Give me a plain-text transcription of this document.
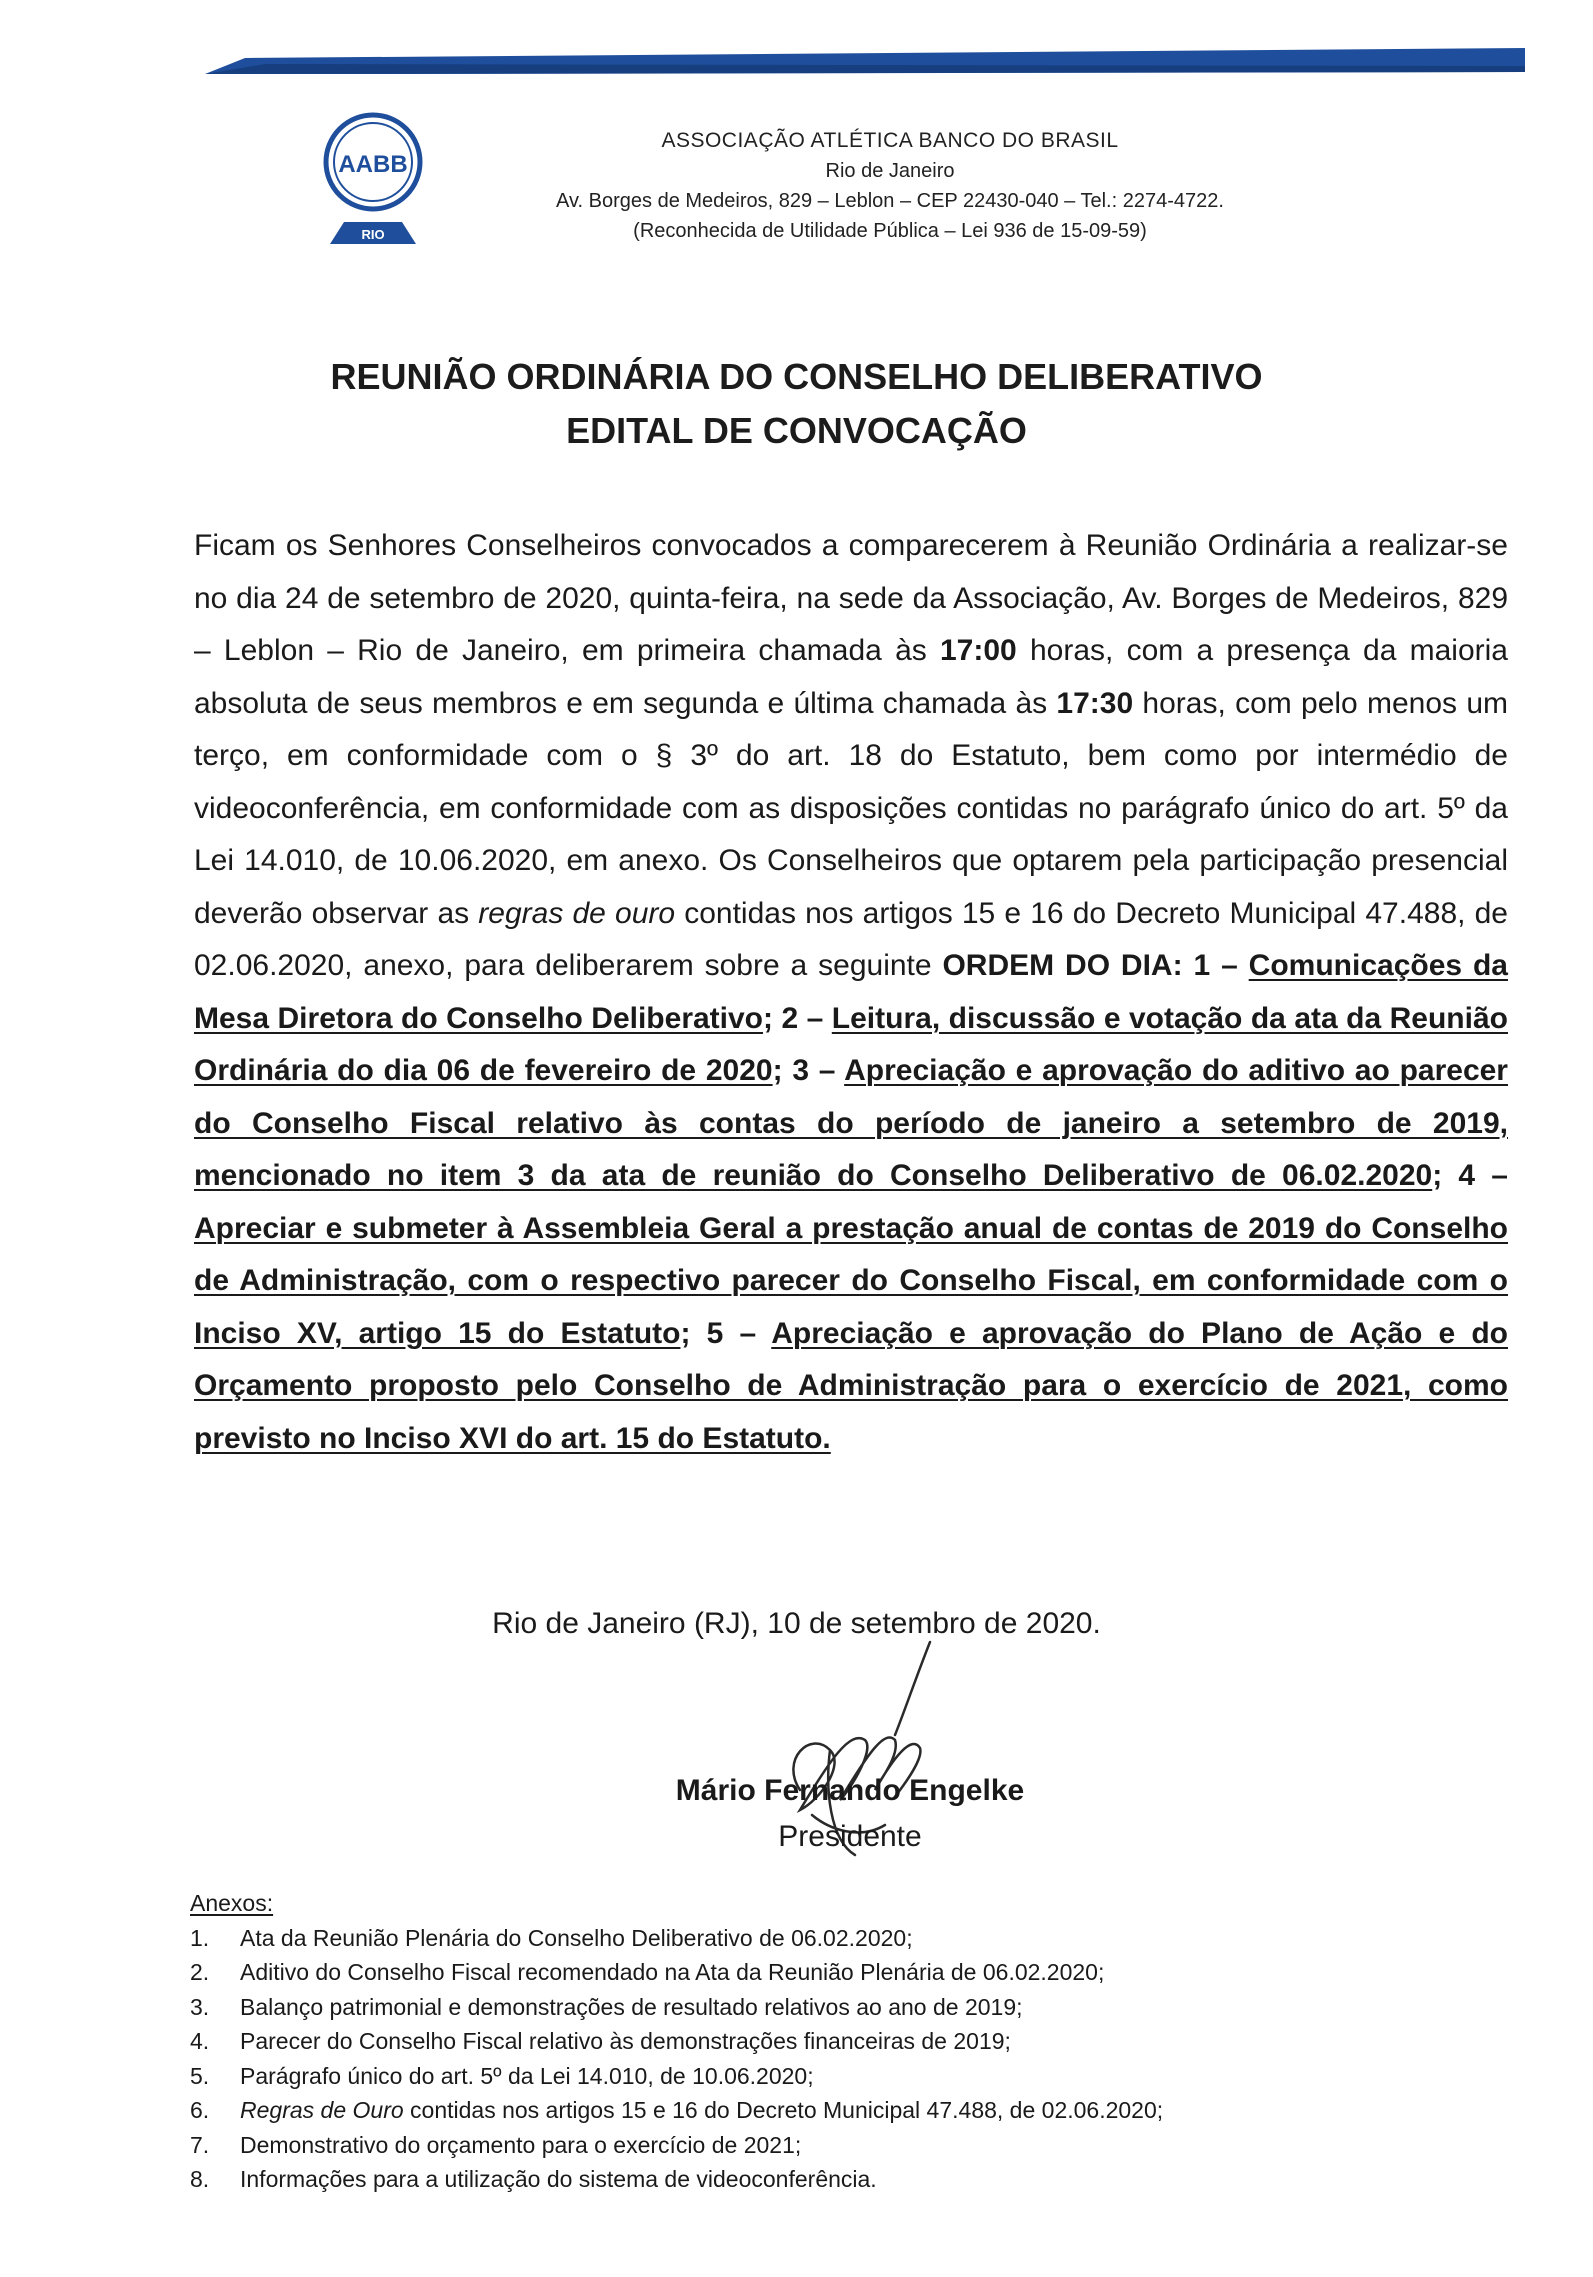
AABB
RIO
ASSOCIAÇÃO ATLÉTICA BANCO DO BRASIL
Rio de Janeiro
Av. Borges de Medeiros, 829 – Leblon – CEP 22430-040 – Tel.: 2274-4722.
(Reconhecida de Utilidade Pública – Lei 936 de 15-09-59)
REUNIÃO ORDINÁRIA DO CONSELHO DELIBERATIVO
EDITAL DE CONVOCAÇÃO
Ficam os Senhores Conselheiros convocados a comparecerem à Reunião Ordinária a realizar-se no dia 24 de setembro de 2020, quinta-feira, na sede da Associação, Av. Borges de Medeiros, 829 – Leblon – Rio de Janeiro, em primeira chamada às 17:00 horas, com a presença da maioria absoluta de seus membros e em segunda e última chamada às 17:30 horas, com pelo menos um terço, em conformidade com o § 3º do art. 18 do Estatuto, bem como por intermédio de videoconferência, em conformidade com as disposições contidas no parágrafo único do art. 5º da Lei 14.010, de 10.06.2020, em anexo. Os Conselheiros que optarem pela participação presencial deverão observar as regras de ouro contidas nos artigos 15 e 16 do Decreto Municipal 47.488, de 02.06.2020, anexo, para deliberarem sobre a seguinte ORDEM DO DIA: 1 – Comunicações da Mesa Diretora do Conselho Deliberativo; 2 – Leitura, discussão e votação da ata da Reunião Ordinária do dia 06 de fevereiro de 2020; 3 – Apreciação e aprovação do aditivo ao parecer do Conselho Fiscal relativo às contas do período de janeiro a setembro de 2019, mencionado no item 3 da ata de reunião do Conselho Deliberativo de 06.02.2020; 4 – Apreciar e submeter à Assembleia Geral a prestação anual de contas de 2019 do Conselho de Administração, com o respectivo parecer do Conselho Fiscal, em conformidade com o Inciso XV, artigo 15 do Estatuto; 5 – Apreciação e aprovação do Plano de Ação e do Orçamento proposto pelo Conselho de Administração para o exercício de 2021, como previsto no Inciso XVI do art. 15 do Estatuto.
Rio de Janeiro (RJ), 10 de setembro de 2020.
Mário Fernando Engelke
Presidente
Anexos:
1. Ata da Reunião Plenária do Conselho Deliberativo de 06.02.2020;
2. Aditivo do Conselho Fiscal recomendado na Ata da Reunião Plenária de 06.02.2020;
3. Balanço patrimonial e demonstrações de resultado relativos ao ano de 2019;
4. Parecer do Conselho Fiscal relativo às demonstrações financeiras de 2019;
5. Parágrafo único do art. 5º da Lei 14.010, de 10.06.2020;
6. Regras de Ouro contidas nos artigos 15 e 16 do Decreto Municipal 47.488, de 02.06.2020;
7. Demonstrativo do orçamento para o exercício de 2021;
8. Informações para a utilização do sistema de videoconferência.
